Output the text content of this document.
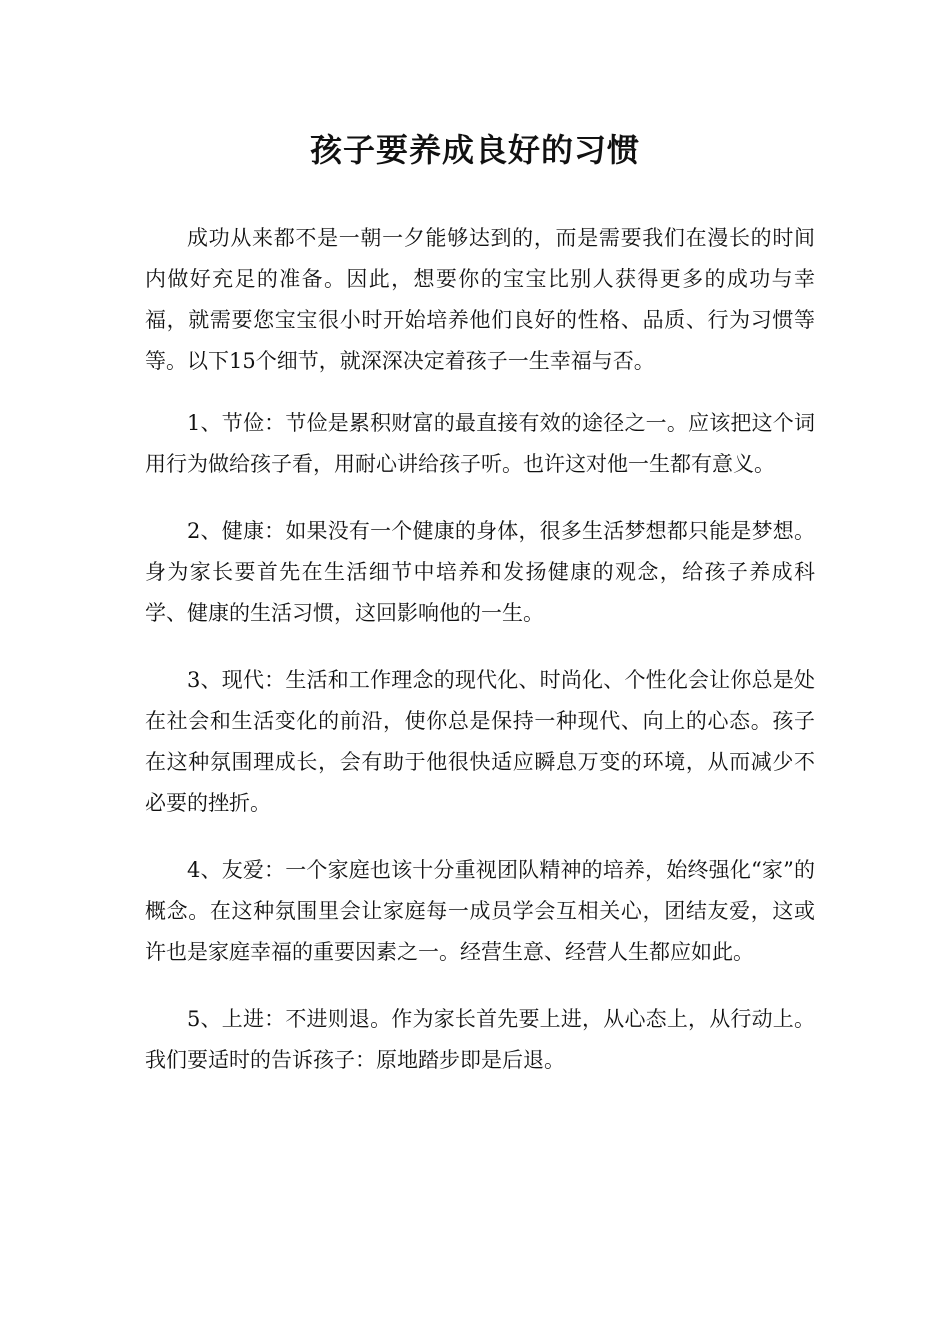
孩子要养成良好的习惯

成功从来都不是一朝一夕能够达到的，而是需要我们在漫长的时间内做好充足的准备。因此，想要你的宝宝比别人获得更多的成功与幸福，就需要您宝宝很小时开始培养他们良好的性格、品质、行为习惯等等。以下15个细节，就深深决定着孩子一生幸福与否。

1、节俭：节俭是累积财富的最直接有效的途径之一。应该把这个词用行为做给孩子看，用耐心讲给孩子听。也许这对他一生都有意义。

2、健康：如果没有一个健康的身体，很多生活梦想都只能是梦想。身为家长要首先在生活细节中培养和发扬健康的观念，给孩子养成科学、健康的生活习惯，这回影响他的一生。

3、现代：生活和工作理念的现代化、时尚化、个性化会让你总是处在社会和生活变化的前沿，使你总是保持一种现代、向上的心态。孩子在这种氛围理成长，会有助于他很快适应瞬息万变的环境，从而减少不必要的挫折。

4、友爱：一个家庭也该十分重视团队精神的培养，始终强化“家”的概念。在这种氛围里会让家庭每一成员学会互相关心，团结友爱，这或许也是家庭幸福的重要因素之一。经营生意、经营人生都应如此。

5、上进：不进则退。作为家长首先要上进，从心态上，从行动上。我们要适时的告诉孩子：原地踏步即是后退。
